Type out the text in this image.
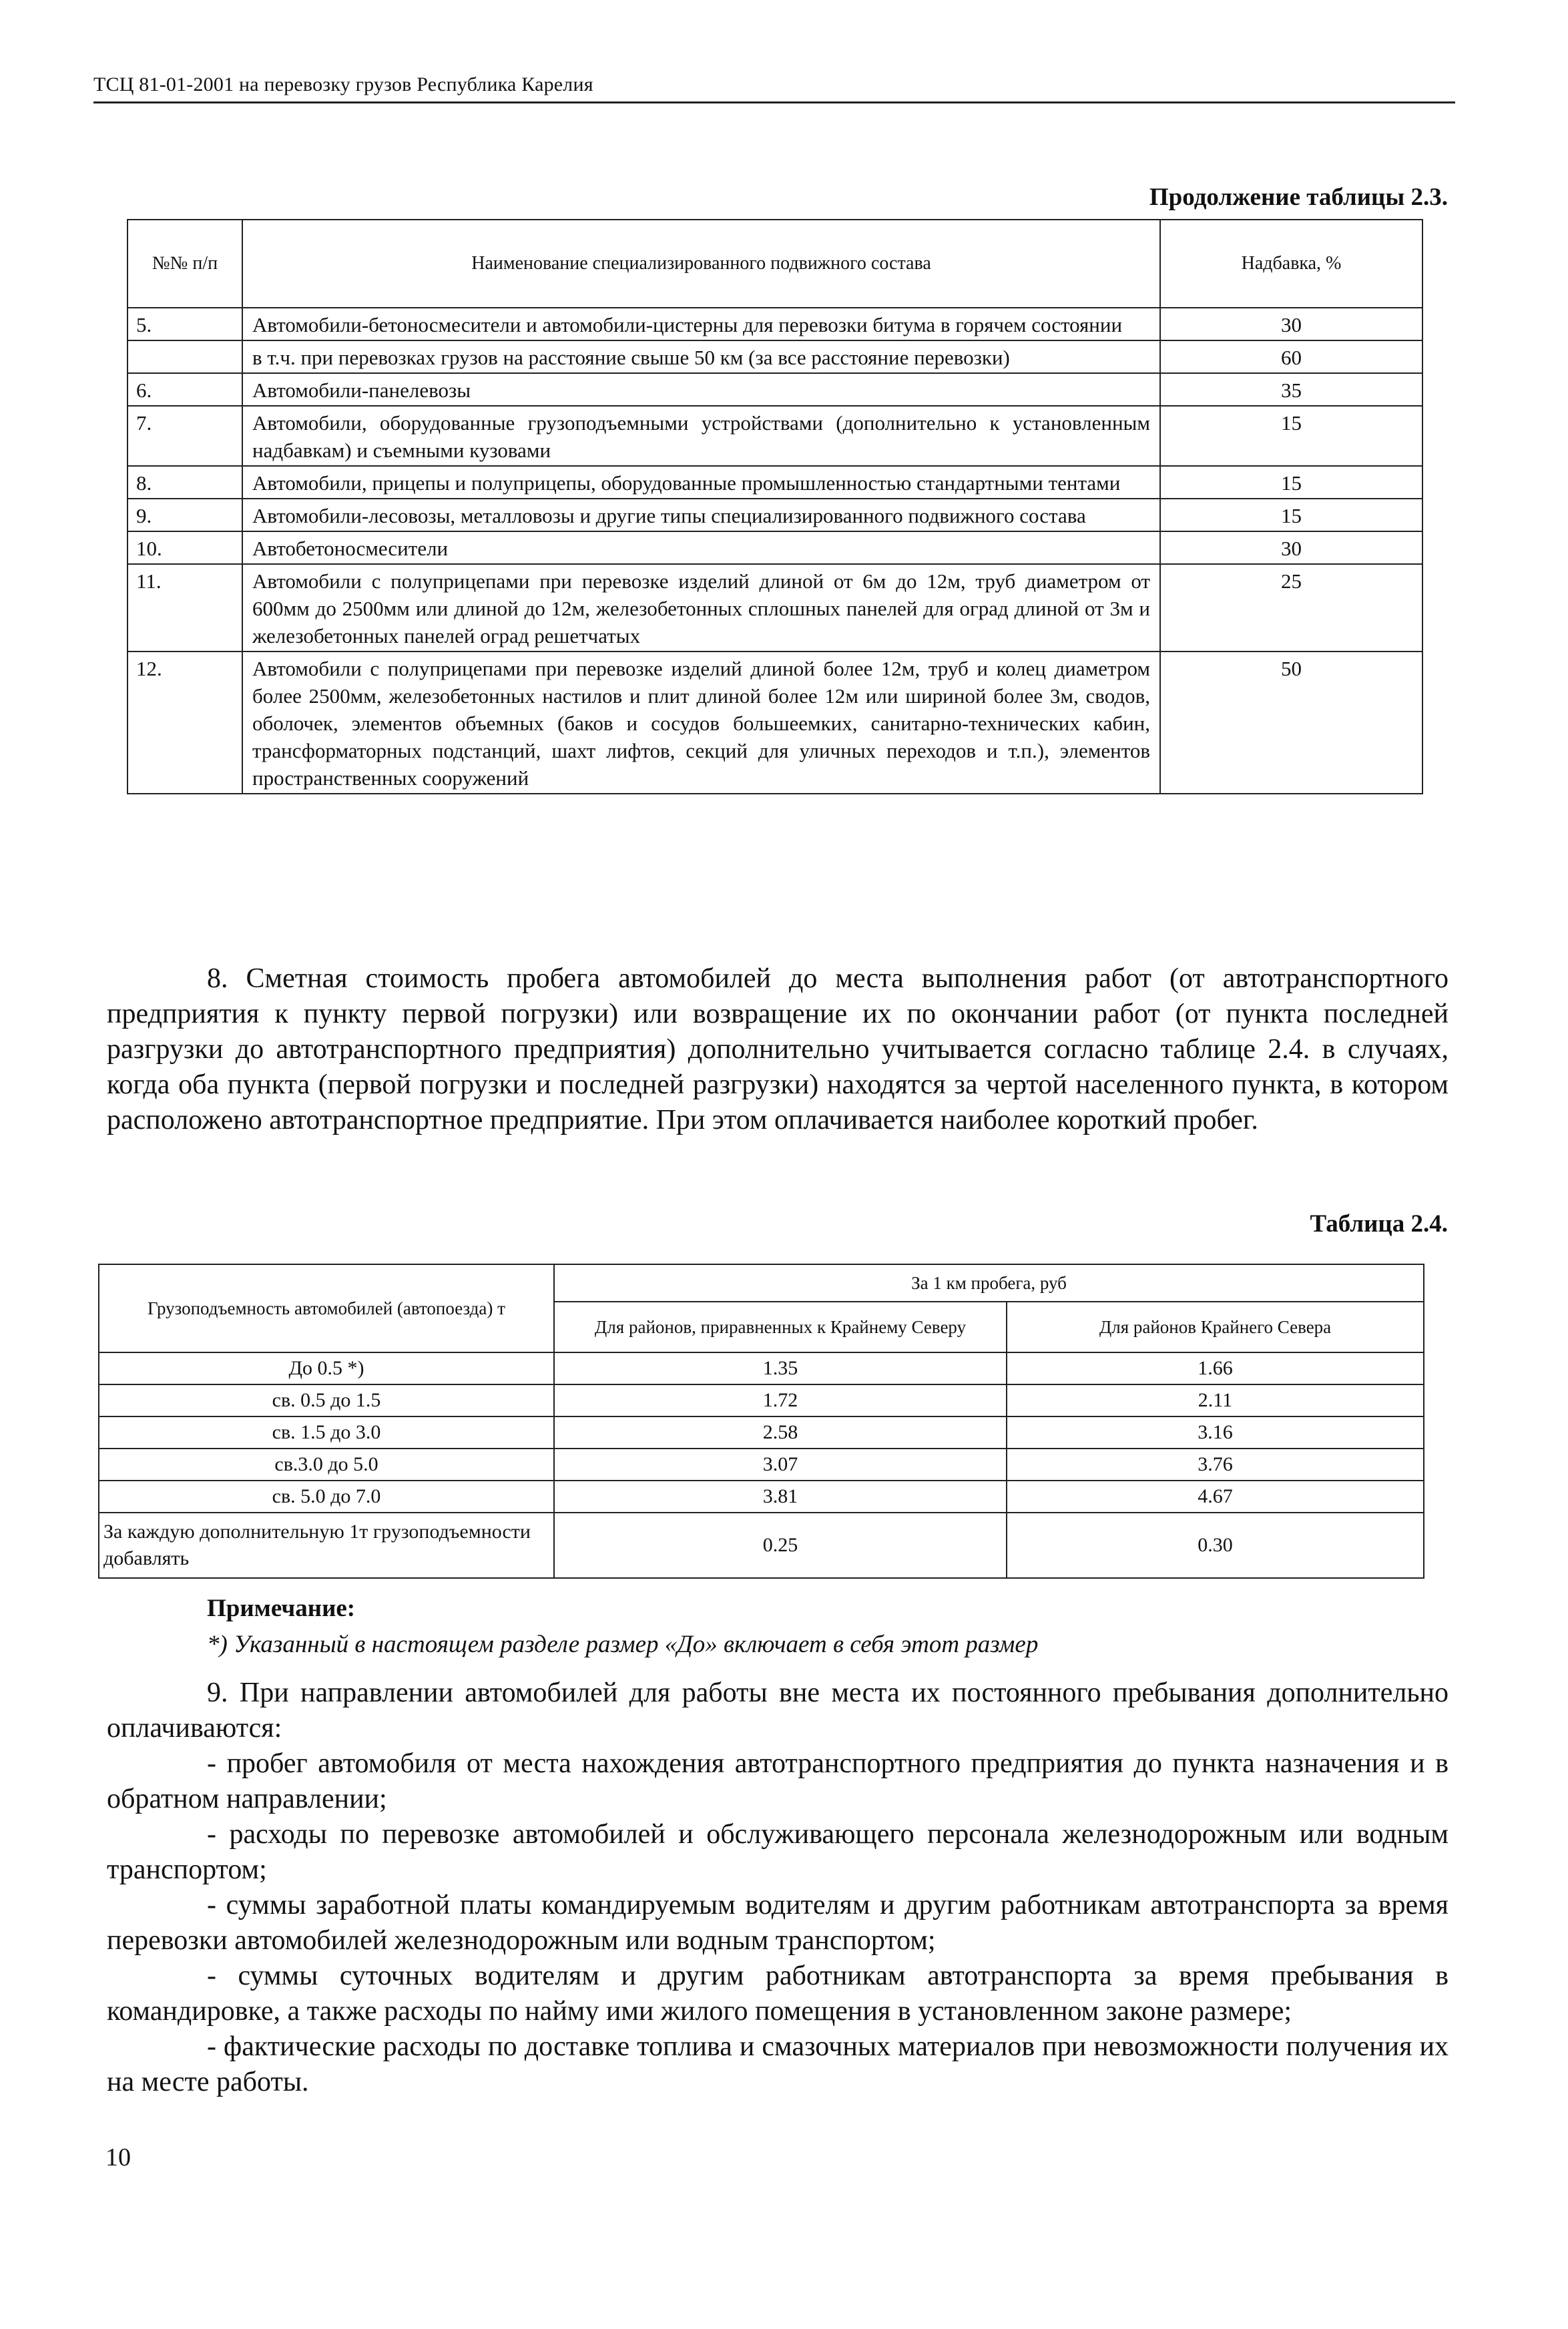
ТСЦ 81-01-2001 на перевозку грузов Республика Карелия
Продолжение таблицы 2.3.
№№ п/п	Наименование специализированного подвижного состава	Надбавка, %
5.	Автомобили-бетоносмесители и автомобили-цистерны для перевозки битума в горячем состоянии	30
	в т.ч. при перевозках грузов на расстояние свыше 50 км (за все расстояние перевозки)	60
6.	Автомобили-панелевозы	35
7.	Автомобили, оборудованные грузоподъемными устройствами (дополнительно к установленным надбавкам) и съемными кузовами	15
8.	Автомобили, прицепы и полуприцепы, оборудованные промышленностью стандартными тентами	15
9.	Автомобили-лесовозы, металловозы и другие типы специализированного подвижного состава	15
10.	Автобетоносмесители	30
11.	Автомобили с полуприцепами при перевозке изделий длиной от 6м до 12м, труб диаметром от 600мм до 2500мм или длиной до 12м, железобетонных сплошных панелей для оград длиной от 3м и железобетонных панелей оград решетчатых	25
12.	Автомобили с полуприцепами при перевозке изделий длиной более 12м, труб и колец диаметром более 2500мм, железобетонных настилов и плит длиной более 12м или шириной более 3м, сводов, оболочек, элементов объемных (баков и сосудов большеемких, санитарно-технических кабин, трансформаторных подстанций, шахт лифтов, секций для уличных переходов и т.п.), элементов пространственных сооружений	50

8. Сметная стоимость пробега автомобилей до места выполнения работ (от автотранспортного предприятия к пункту первой погрузки) или возвращение их по окончании работ (от пункта последней разгрузки до автотранспортного предприятия) дополнительно учитывается согласно таблице 2.4. в случаях, когда оба пункта (первой погрузки и последней разгрузки) находятся за чертой населенного пункта, в котором расположено автотранспортное предприятие. При этом оплачивается наиболее короткий пробег.

Таблица 2.4.
Грузоподъемность автомобилей (автопоезда) т	За 1 км пробега, руб	
	Для районов, приравненных к Крайнему Северу	Для районов Крайнего Севера
До 0.5 *)	1.35	1.66
св. 0.5 до 1.5	1.72	2.11
св. 1.5 до 3.0	2.58	3.16
св.3.0 до 5.0	3.07	3.76
св. 5.0 до 7.0	3.81	4.67
За каждую дополнительную 1т грузоподъемности добавлять	0.25	0.30
Примечание:
*) Указанный в настоящем разделе размер «До» включает в себя этот размер

9. При направлении автомобилей для работы вне места их постоянного пребывания дополнительно оплачиваются:

- пробег автомобиля от места нахождения автотранспортного предприятия до пункта назначения и в обратном направлении;

- расходы по перевозке автомобилей и обслуживающего персонала железнодорожным или водным транспортом;

- суммы заработной платы командируемым водителям и другим работникам автотранспорта за время перевозки автомобилей железнодорожным или водным транспортом;

- суммы суточных водителям и другим работникам автотранспорта за время пребывания в командировке, а также расходы по найму ими жилого помещения в установленном законе размере;

- фактические расходы по доставке топлива и смазочных материалов при невозможности получения их на месте работы.

10
